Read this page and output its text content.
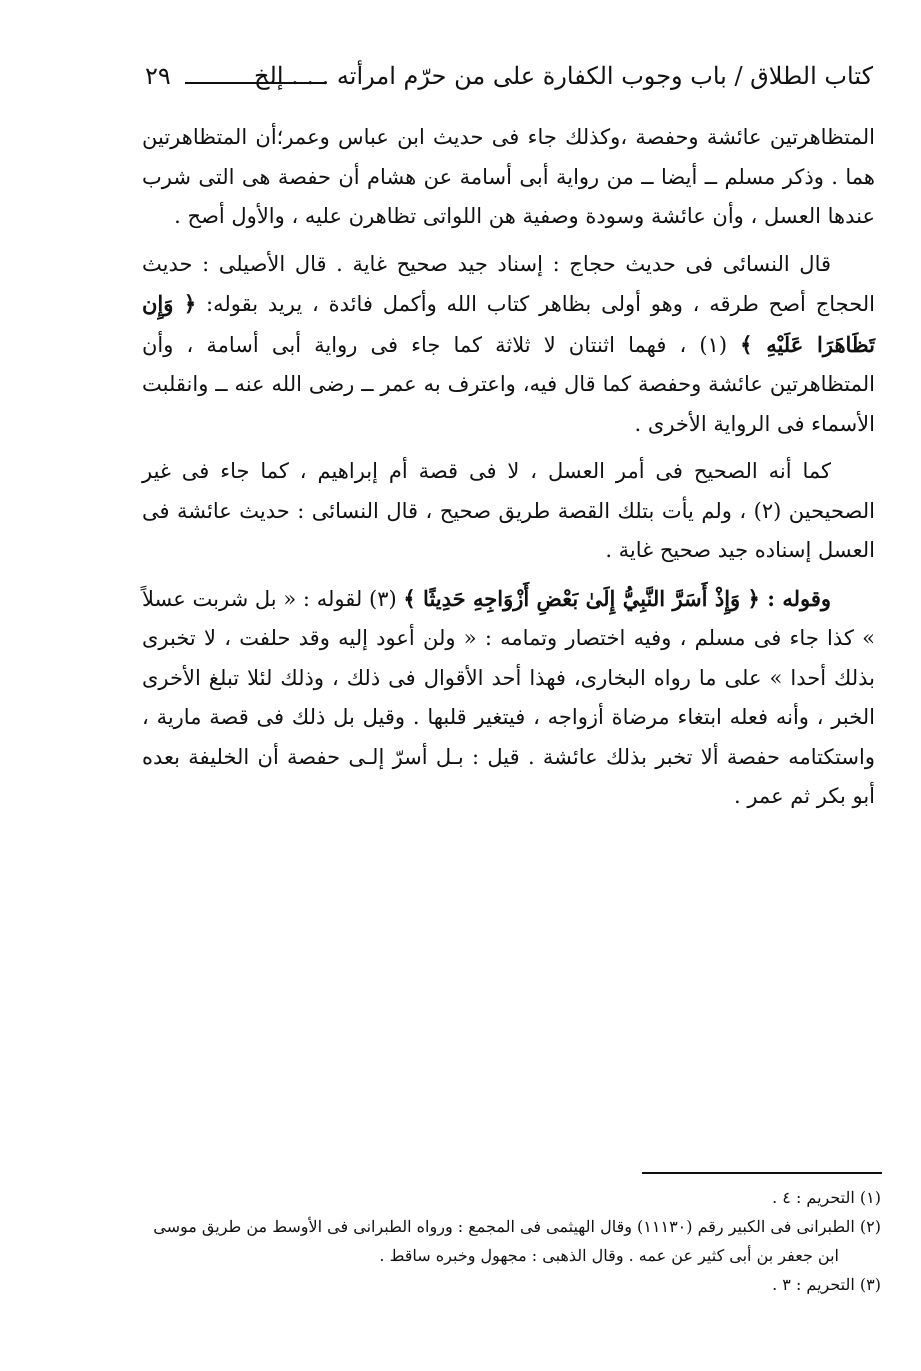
كتاب الطلاق / باب وجوب الكفارة على من حرّم امرأته . . . إلخ
٢٩

المتظاهرتين عائشة وحفصة ،وكذلك جاء فى حديث ابن عباس وعمر؛أن المتظاهرتين هما . وذكر مسلم ــ أيضا ــ من رواية أبى أسامة عن هشام أن حفصة هى التى شرب عندها العسل ، وأن عائشة وسودة وصفية هن اللواتى تظاهرن عليه ، والأول أصح .

قال النسائى فى حديث حجاج : إسناد جيد صحيح غاية . قال الأصيلى : حديث الحجاج أصح طرقه ، وهو أولى بظاهر كتاب الله وأكمل فائدة ، يريد بقوله: ﴿ وَإِن تَظَاهَرَا عَلَيْهِ ﴾ (١) ، فهما اثنتان لا ثلاثة كما جاء فى رواية أبى أسامة ، وأن المتظاهرتين عائشة وحفصة كما قال فيه، واعترف به عمر ــ رضى الله عنه ــ وانقلبت الأسماء فى الرواية الأخرى .

كما أنه الصحيح فى أمر العسل ، لا فى قصة أم إبراهيم ، كما جاء فى غير الصحيحين (٢) ، ولم يأت بتلك القصة طريق صحيح ، قال النسائى : حديث عائشة فى العسل إسناده جيد صحيح غاية .

وقوله : ﴿ وَإِذْ أَسَرَّ النَّبِيُّ إِلَىٰ بَعْضِ أَزْوَاجِهِ حَدِيثًا ﴾ (٣) لقوله : « بل شربت عسلاً » كذا جاء فى مسلم ، وفيه اختصار وتمامه : « ولن أعود إليه وقد حلفت ، لا تخبرى بذلك أحدا » على ما رواه البخارى، فهذا أحد الأقوال فى ذلك ، وذلك لئلا تبلغ الأخرى الخبر ، وأنه فعله ابتغاء مرضاة أزواجه ، فيتغير قلبها . وقيل بل ذلك فى قصة مارية ، واستكتامه حفصة ألا تخبر بذلك عائشة . قيل : بـل أسرّ إلـى حفصة أن الخليفة بعده أبو بكر ثم عمر .

(١) التحريم : ٤ .

(٢) الطبرانى فى الكبير رقم (١١١٣٠) وقال الهيثمى فى المجمع : ورواه الطبرانى فى الأوسط من طريق موسى

ابن جعفر بن أبى كثير عن عمه . وقال الذهبى : مجهول وخبره ساقط .

(٣) التحريم : ٣ .
